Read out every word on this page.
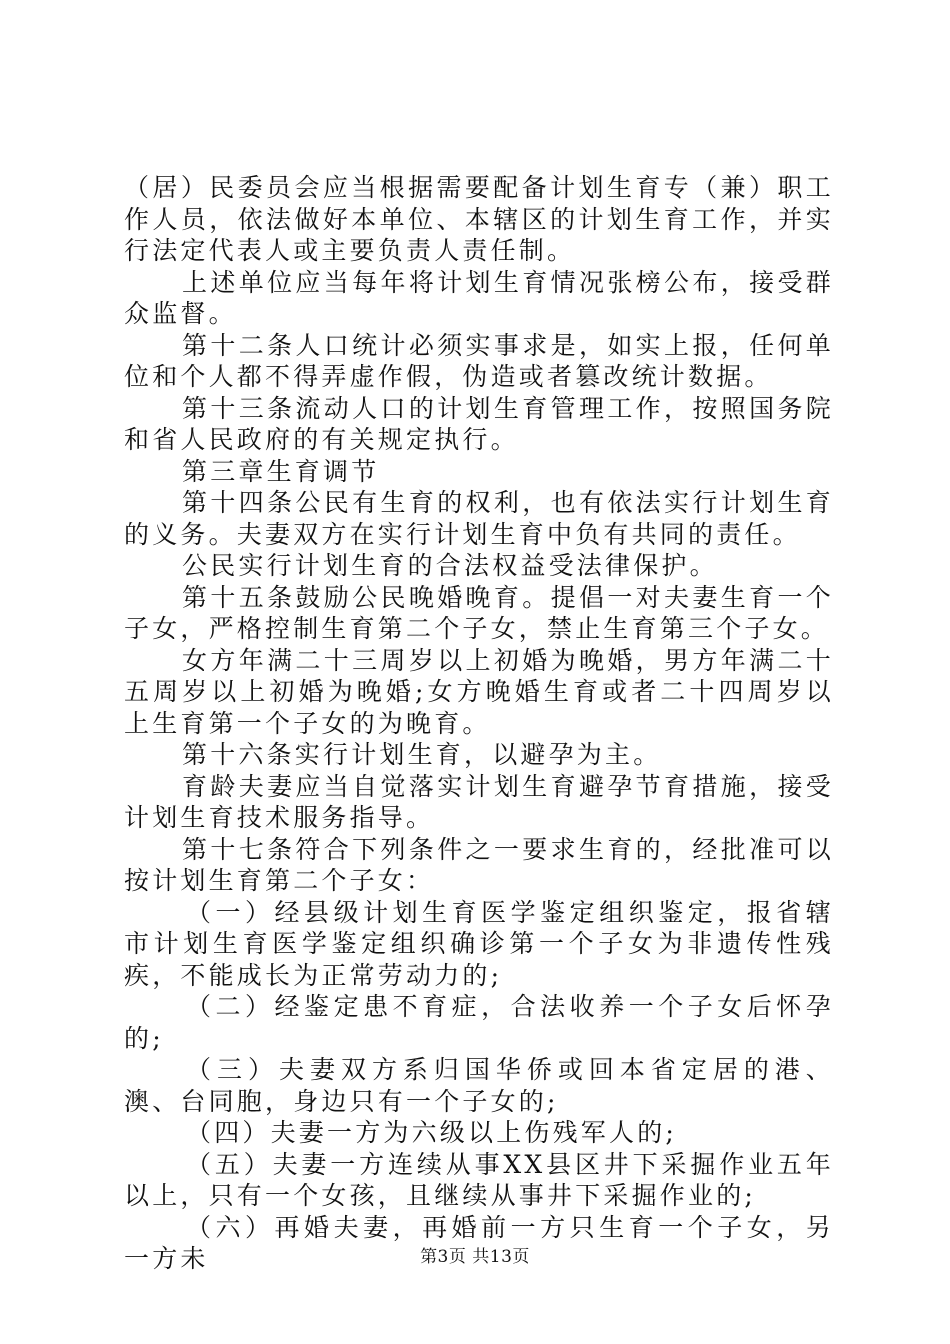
（居）民委员会应当根据需要配备计划生育专（兼）职工作人员，依法做好本单位、本辖区的计划生育工作，并实行法定代表人或主要负责人责任制。

上述单位应当每年将计划生育情况张榜公布，接受群众监督。

第十二条人口统计必须实事求是，如实上报，任何单位和个人都不得弄虚作假，伪造或者篡改统计数据。

第十三条流动人口的计划生育管理工作，按照国务院和省人民政府的有关规定执行。

第三章生育调节

第十四条公民有生育的权利，也有依法实行计划生育的义务。夫妻双方在实行计划生育中负有共同的责任。

公民实行计划生育的合法权益受法律保护。

第十五条鼓励公民晚婚晚育。提倡一对夫妻生育一个子女，严格控制生育第二个子女，禁止生育第三个子女。

女方年满二十三周岁以上初婚为晚婚，男方年满二十五周岁以上初婚为晚婚;女方晚婚生育或者二十四周岁以上生育第一个子女的为晚育。

第十六条实行计划生育，以避孕为主。

育龄夫妻应当自觉落实计划生育避孕节育措施，接受计划生育技术服务指导。

第十七条符合下列条件之一要求生育的，经批准可以按计划生育第二个子女：

（一）经县级计划生育医学鉴定组织鉴定，报省辖市计划生育医学鉴定组织确诊第一个子女为非遗传性残疾，不能成长为正常劳动力的;

（二）经鉴定患不育症，合法收养一个子女后怀孕的;

（三）夫妻双方系归国华侨或回本省定居的港、澳、台同胞，身边只有一个子女的;

（四）夫妻一方为六级以上伤残军人的;

（五）夫妻一方连续从事XX县区井下采掘作业五年以上，只有一个女孩，且继续从事井下采掘作业的;

（六）再婚夫妻，再婚前一方只生育一个子女，另一方未	第3页 共13页
